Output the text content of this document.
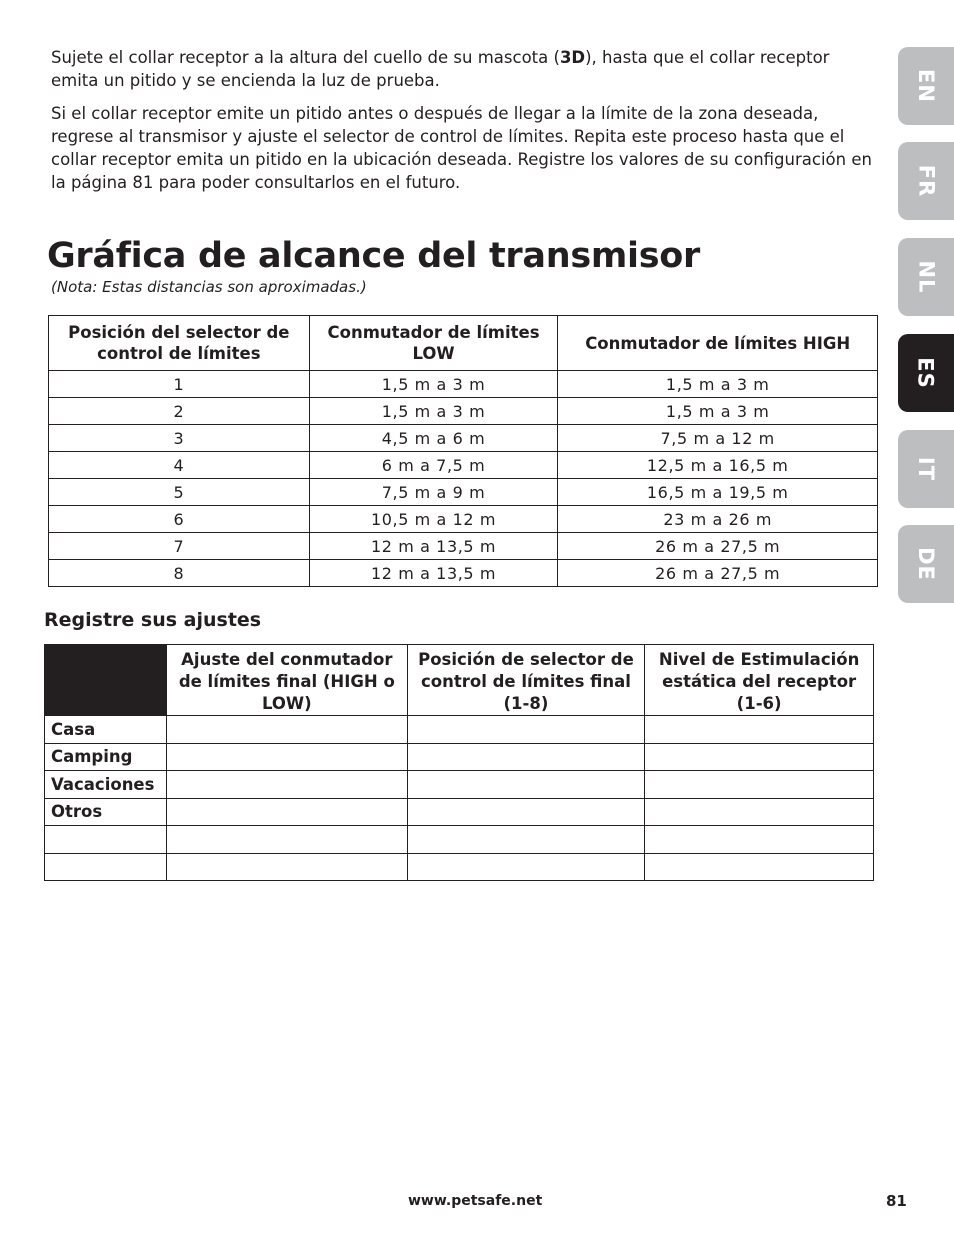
Sujete el collar receptor a la altura del cuello de su mascota (3D), hasta que el collar receptor emita un pitido y se encienda la luz de prueba.

Si el collar receptor emite un pitido antes o después de llegar a la límite de la zona deseada, regrese al transmisor y ajuste el selector de control de límites. Repita este proceso hasta que el collar receptor emita un pitido en la ubicación deseada. Registre los valores de su configuración en la página 81 para poder consultarlos en el futuro.

Gráfica de alcance del transmisor
(Nota: Estas distancias son aproximadas.)
Posición del selector de control de límites	Conmutador de límites LOW	Conmutador de límites HIGH
1	1,5 m a 3 m	1,5 m a 3 m
2	1,5 m a 3 m	1,5 m a 3 m
3	4,5 m a 6 m	7,5 m a 12 m
4	6 m a 7,5 m	12,5 m a 16,5 m
5	7,5 m a 9 m	16,5 m a 19,5 m
6	10,5 m a 12 m	23 m a 26 m
7	12 m a 13,5 m	26 m a 27,5 m
8	12 m a 13,5 m	26 m a 27,5 m
Registre sus ajustes
	Ajuste del conmutador de límites final (HIGH o LOW)	Posición de selector de control de límites final (1-8)	Nivel de Estimulación estática del receptor (1-6)
Casa			
Camping			
Vacaciones			
Otros			

EN
FR
NL
ES
IT
DE
www.petsafe.net	81
